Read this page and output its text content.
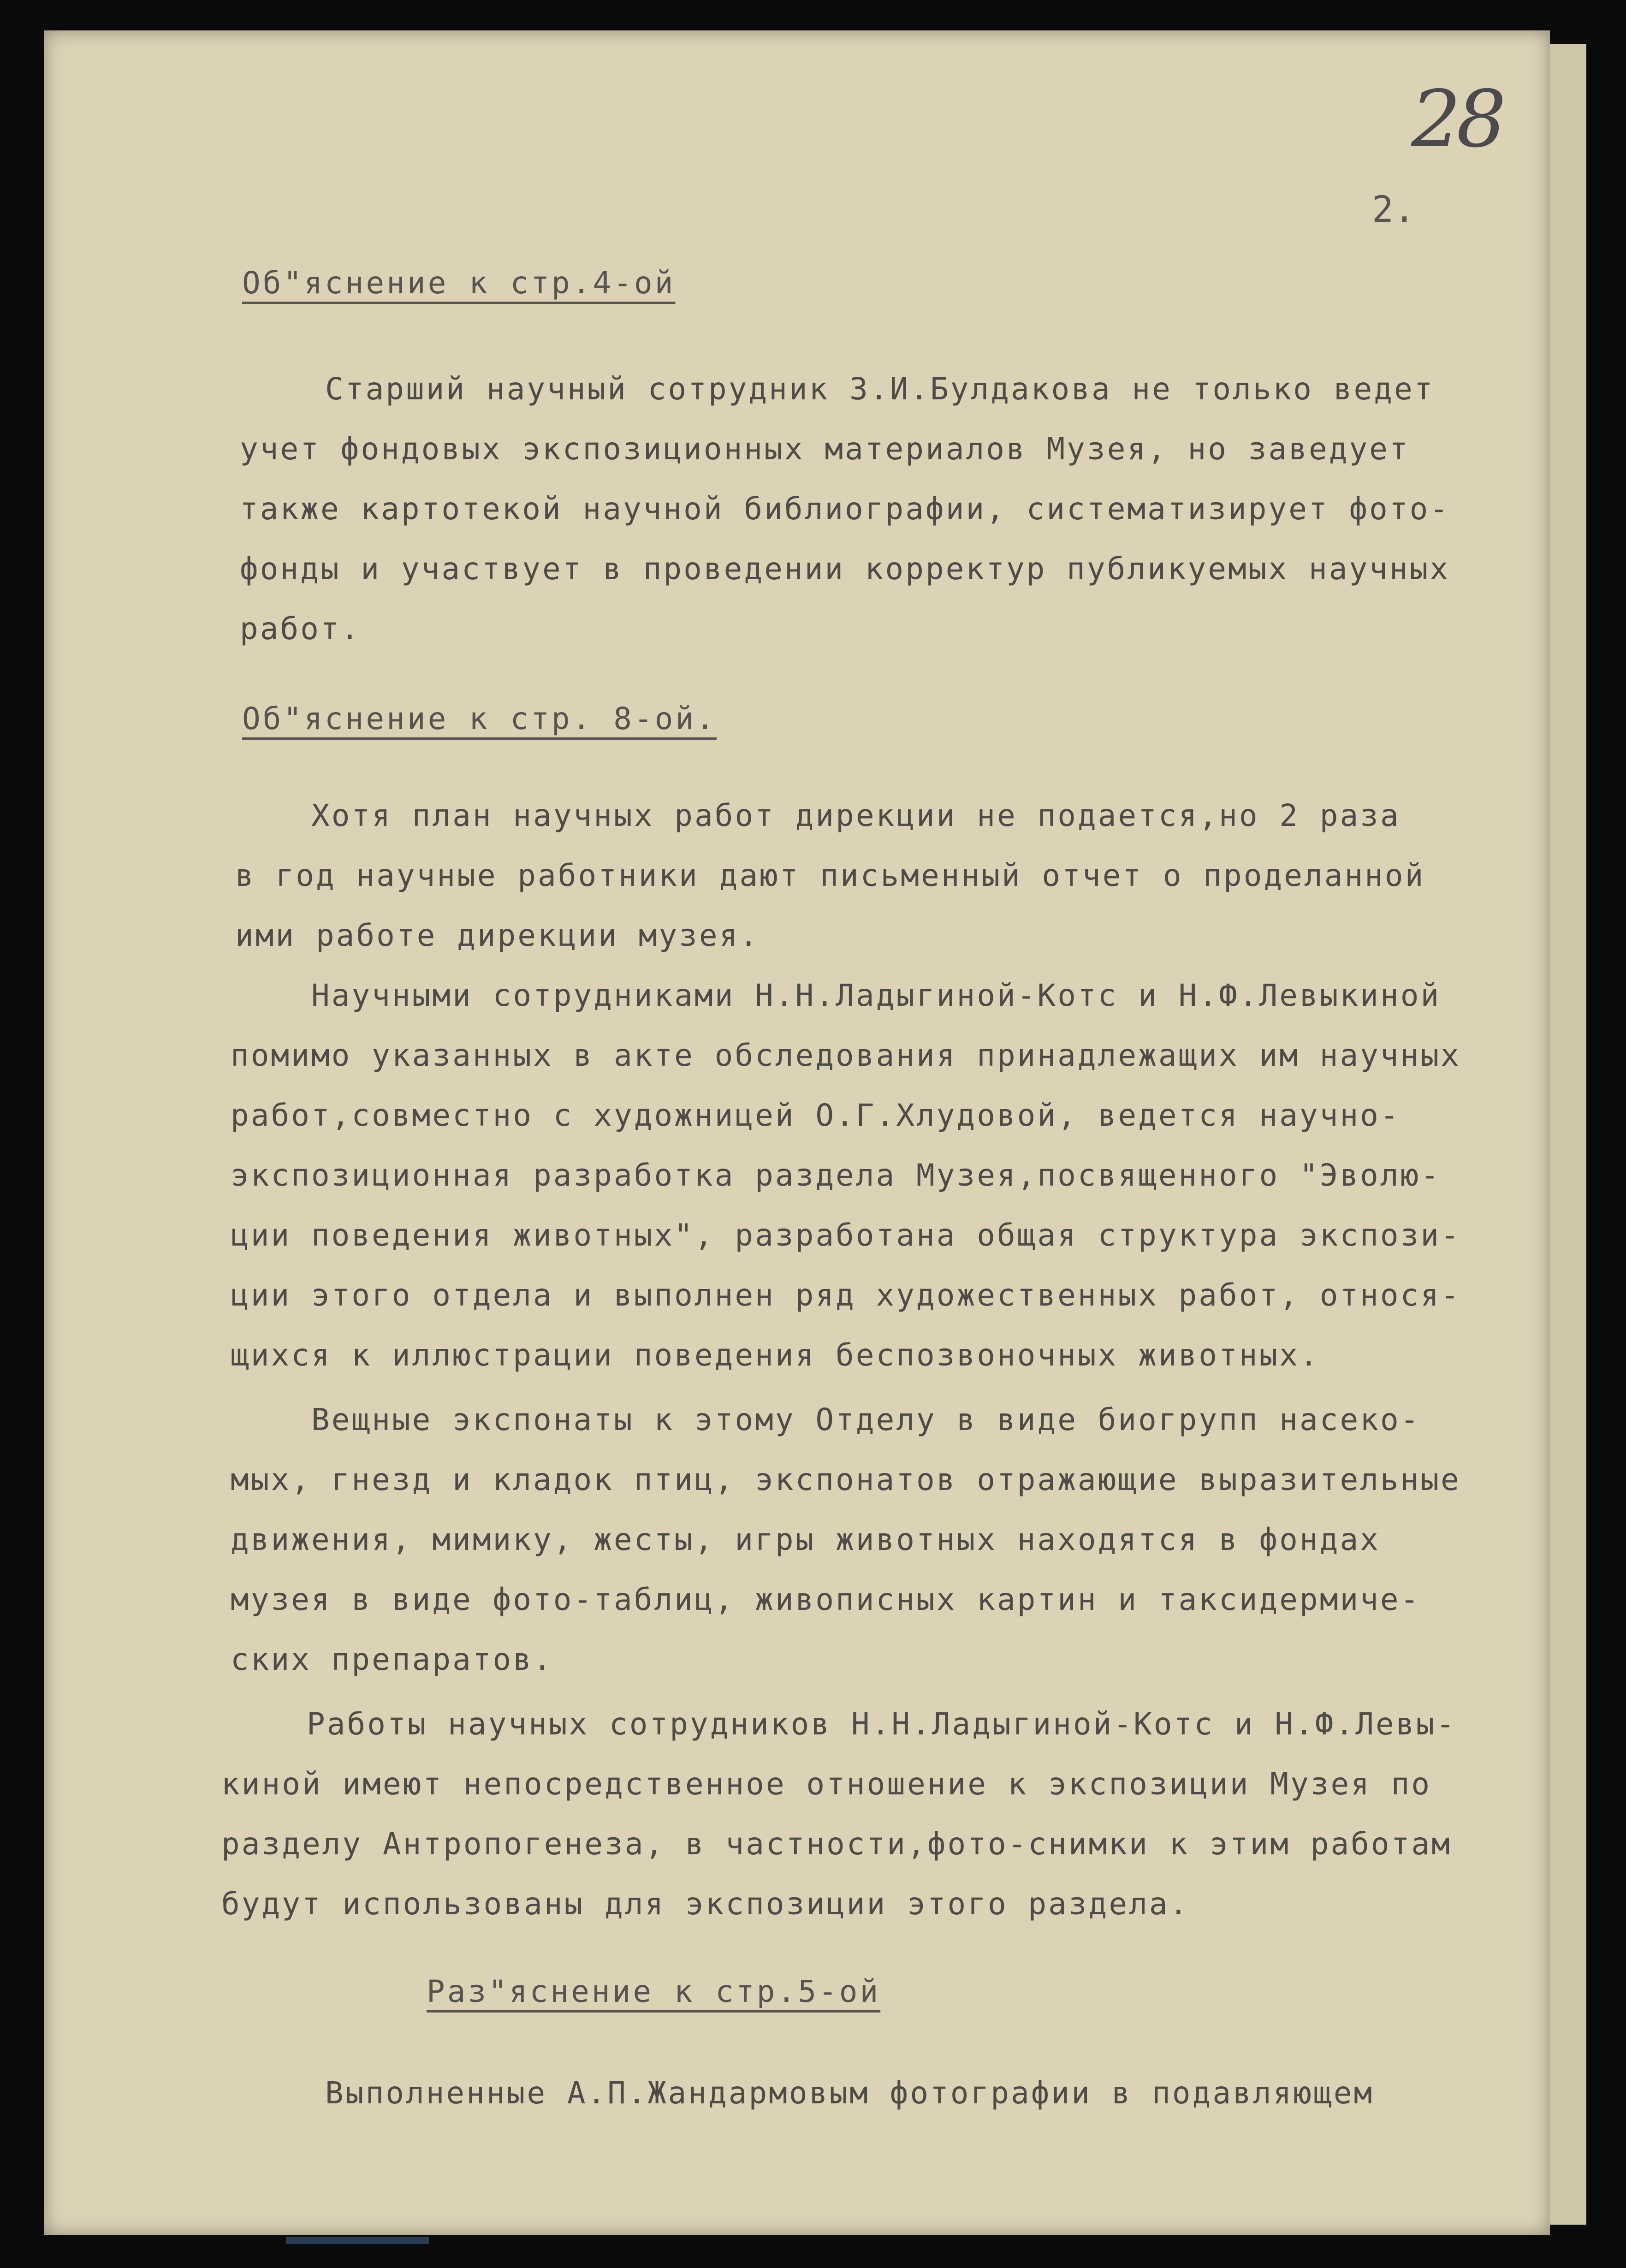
28
2.
Об"яснение к стр.4-ой
Старший научный сотрудник З.И.Булдакова не только ведет
учет фондовых экспозиционных материалов Музея, но заведует
также картотекой научной библиографии, систематизирует фото-
фонды и участвует в проведении корректур публикуемых научных
работ.
Об"яснение к стр. 8-ой.
Хотя план научных работ дирекции не подается,но 2 раза
в год научные работники дают письменный отчет о проделанной
ими работе дирекции музея.
Научными сотрудниками Н.Н.Ладыгиной-Котс и Н.Ф.Левыкиной
помимо указанных в акте обследования принадлежащих им научных
работ,совместно с художницей О.Г.Хлудовой, ведется научно-
экспозиционная разработка раздела Музея,посвященного "Эволю-
ции поведения животных", разработана общая структура экспози-
ции этого отдела и выполнен ряд художественных работ, относя-
щихся к иллюстрации поведения беспозвоночных животных.
Вещные экспонаты к этому Отделу в виде биогрупп насеко-
мых, гнезд и кладок птиц, экспонатов отражающие выразительные
движения, мимику, жесты, игры животных находятся в фондах
музея в виде фото-таблиц, живописных картин и таксидермиче-
ских препаратов.
Работы научных сотрудников Н.Н.Ладыгиной-Котс и Н.Ф.Левы-
киной имеют непосредственное отношение к экспозиции Музея по
разделу Антропогенеза, в частности,фото-снимки к этим работам
будут использованы для экспозиции этого раздела.
Раз"яснение к стр.5-ой
Выполненные А.П.Жандармовым фотографии в подавляющем
